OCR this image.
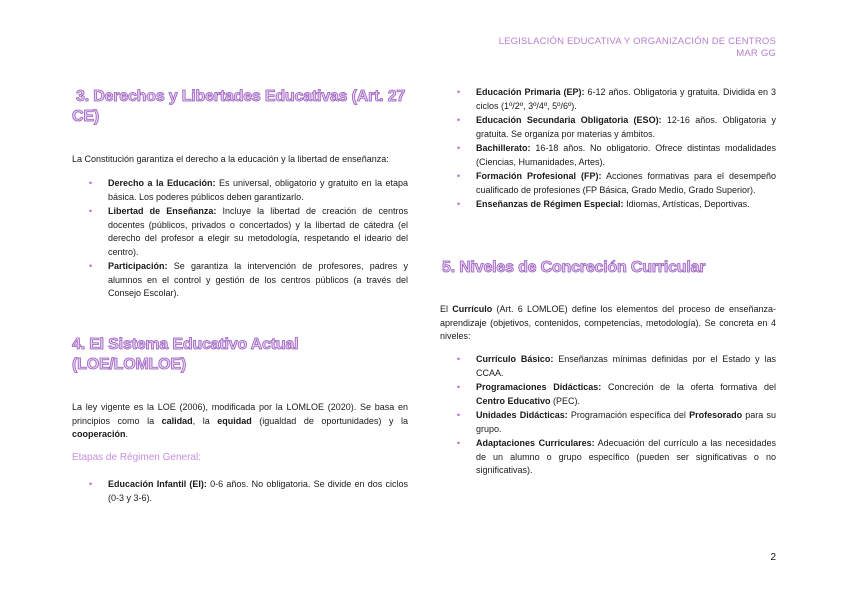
LEGISLACIÓN EDUCATIVA Y ORGANIZACIÓN DE CENTROS
MAR GG
3. Derechos y Libertades Educativas (Art. 27
CE)

La Constitución garantiza el derecho a la educación y la libertad de enseñanza:

• Derecho a la Educación: Es universal, obligatorio y gratuito en la etapa básica. Los poderes públicos deben garantizarlo.
• Libertad de Enseñanza: Incluye la libertad de creación de centros docentes (públicos, privados o concertados) y la libertad de cátedra (el derecho del profesor a elegir su metodología, respetando el ideario del centro).
• Participación: Se garantiza la intervención de profesores, padres y alumnos en el control y gestión de los centros públicos (a través del Consejo Escolar).
4. El Sistema Educativo Actual
(LOE/LOMLOE)

La ley vigente es la LOE (2006), modificada por la LOMLOE (2020). Se basa en principios como la calidad, la equidad (igualdad de oportunidades) y la cooperación.

Etapas de Régimen General:

• Educación Infantil (EI): 0-6 años. No obligatoria. Se divide en dos ciclos (0-3 y 3-6).
• Educación Primaria (EP): 6-12 años. Obligatoria y gratuita. Dividida en 3 ciclos (1º/2º, 3º/4º, 5º/6º).
• Educación Secundaria Obligatoria (ESO): 12-16 años. Obligatoria y gratuita. Se organiza por materias y ámbitos.
• Bachillerato: 16-18 años. No obligatorio. Ofrece distintas modalidades (Ciencias, Humanidades, Artes).
• Formación Profesional (FP): Acciones formativas para el desempeño cualificado de profesiones (FP Básica, Grado Medio, Grado Superior).
• Enseñanzas de Régimen Especial: Idiomas, Artísticas, Deportivas.
5. Niveles de Concreción Curricular

El Currículo (Art. 6 LOMLOE) define los elementos del proceso de enseñanza-aprendizaje (objetivos, contenidos, competencias, metodología). Se concreta en 4 niveles:

• Currículo Básico: Enseñanzas mínimas definidas por el Estado y las CCAA.
• Programaciones Didácticas: Concreción de la oferta formativa del Centro Educativo (PEC).
• Unidades Didácticas: Programación específica del Profesorado para su grupo.
• Adaptaciones Curriculares: Adecuación del currículo a las necesidades de un alumno o grupo específico (pueden ser significativas o no significativas).
2
